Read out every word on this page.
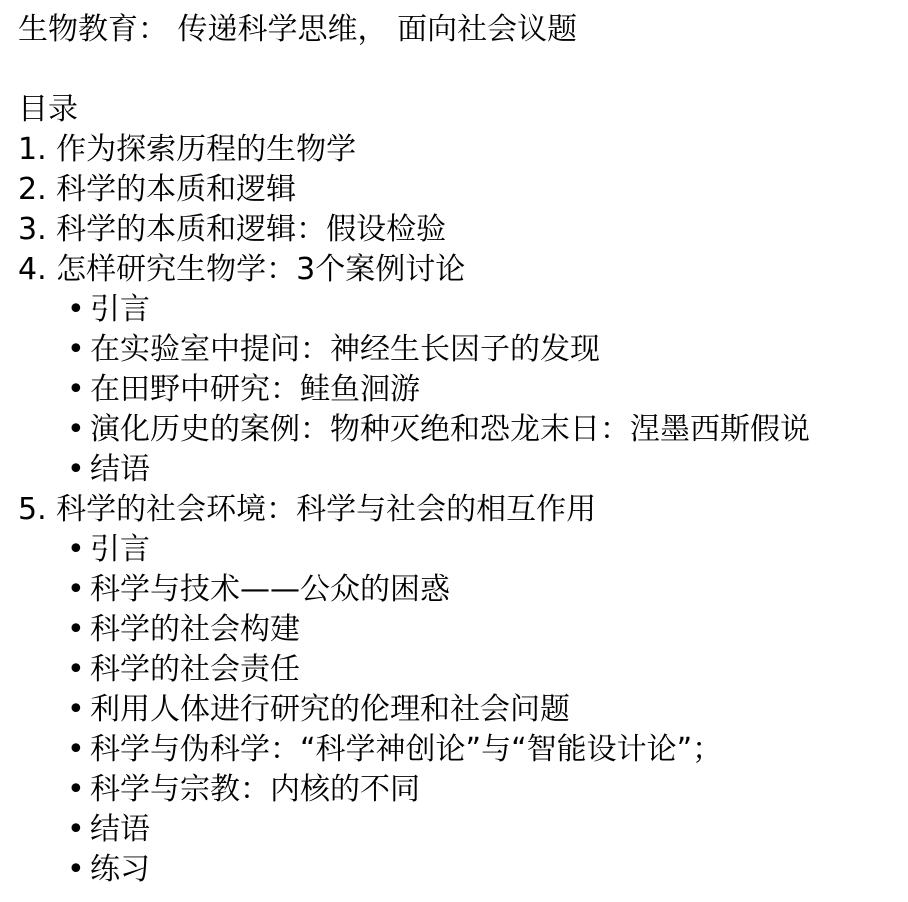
生物教育： 传递科学思维， 面向社会议题
目录
1. 作为探索历程的生物学
2. 科学的本质和逻辑
3. 科学的本质和逻辑：假设检验
4. 怎样研究生物学：3个案例讨论
• 引言
• 在实验室中提问：神经生长因子的发现
• 在田野中研究：鲑鱼洄游
• 演化历史的案例：物种灭绝和恐龙末日：涅墨西斯假说
• 结语
5. 科学的社会环境：科学与社会的相互作用
• 引言
• 科学与技术——公众的困惑
• 科学的社会构建
• 科学的社会责任
• 利用人体进行研究的伦理和社会问题
• 科学与伪科学：“科学神创论”与“智能设计论”；
• 科学与宗教：内核的不同
• 结语
• 练习
